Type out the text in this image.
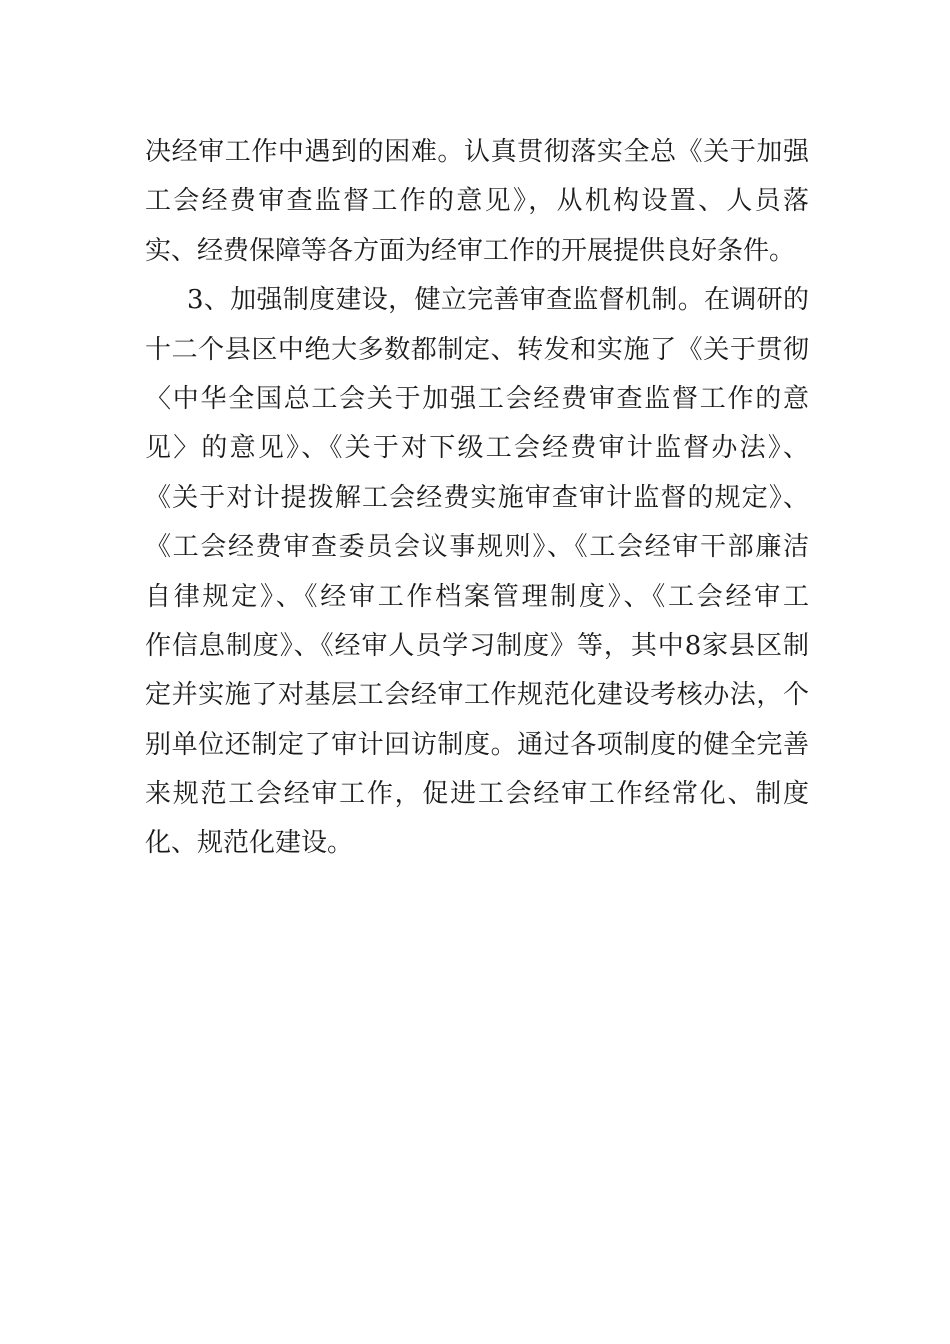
决经审工作中遇到的困难。认真贯彻落实全总《关于加强
工会经费审查监督工作的意见》，从机构设置、人员落
实、经费保障等各方面为经审工作的开展提供良好条件。
3、加强制度建设，健立完善审查监督机制。在调研的
十二个县区中绝大多数都制定、转发和实施了《关于贯彻
〈中华全国总工会关于加强工会经费审查监督工作的意
见〉的意见》、《关于对下级工会经费审计监督办法》、
《关于对计提拨解工会经费实施审查审计监督的规定》、
《工会经费审查委员会议事规则》、《工会经审干部廉洁
自律规定》、《经审工作档案管理制度》、《工会经审工
作信息制度》、《经审人员学习制度》等，其中8家县区制
定并实施了对基层工会经审工作规范化建设考核办法，个
别单位还制定了审计回访制度。通过各项制度的健全完善
来规范工会经审工作，促进工会经审工作经常化、制度
化、规范化建设。
